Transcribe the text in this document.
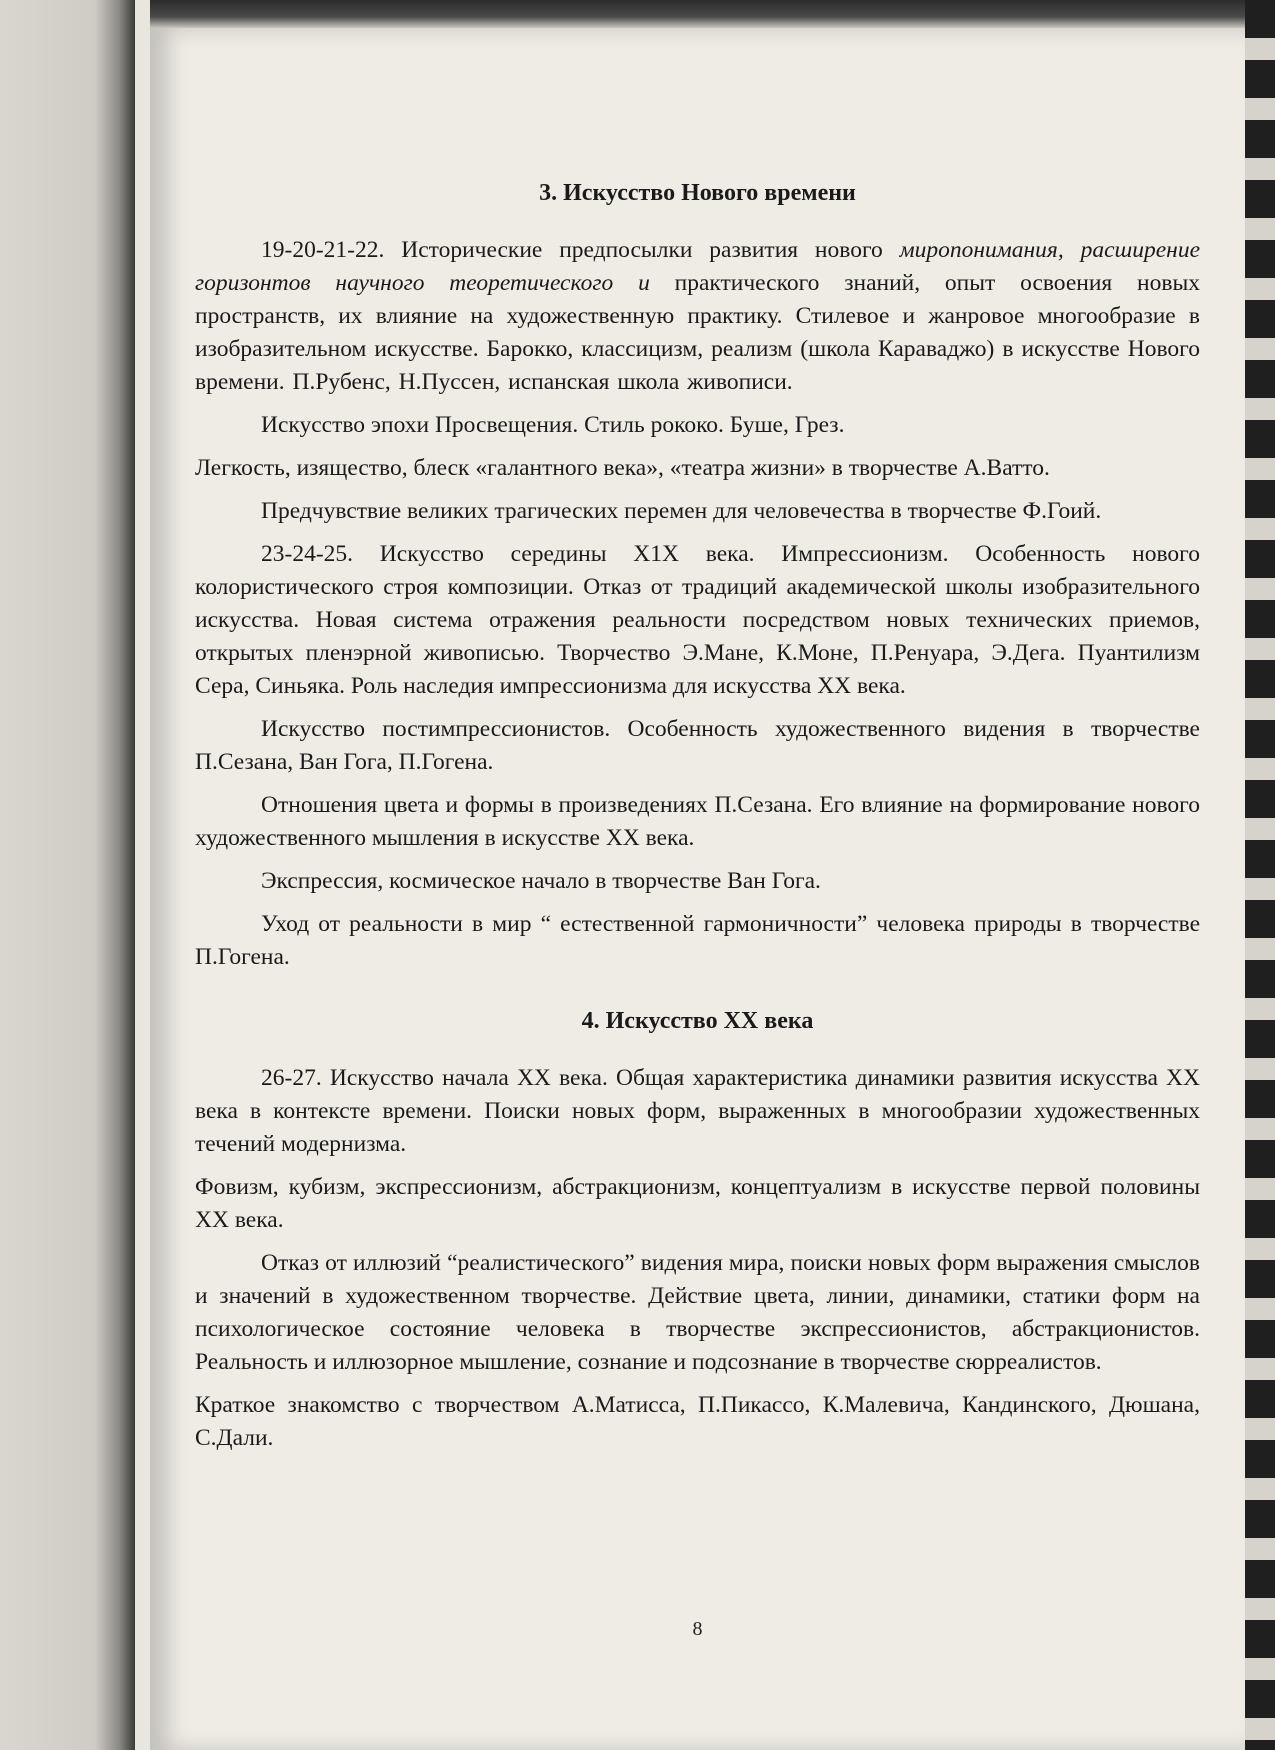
3. Искусство Нового времени

19-20-21-22. Исторические предпосылки развития нового миропонимания, расширение горизонтов научного теоретического и практического знаний, опыт освоения новых пространств, их влияние на художественную практику. Стилевое и жанровое многообразие в изобразительном искусстве. Барокко, классицизм, реализм (школа Караваджо) в искусстве Нового времени. П.Рубенс, Н.Пуссен, испанская школа живописи.

Искусство эпохи Просвещения. Стиль рококо. Буше, Грез.

Легкость, изящество, блеск «галантного века», «театра жизни» в творчестве А.Ватто.

Предчувствие великих трагических перемен для человечества в творчестве Ф.Гоий.

23-24-25. Искусство середины X1X века. Импрессионизм. Особенность нового колористического строя композиции. Отказ от традиций академической школы изобразительного искусства. Новая система отражения реальности посредством новых технических приемов, открытых пленэрной живописью. Творчество Э.Мане, К.Моне, П.Ренуара, Э.Дега. Пуантилизм Сера, Синьяка. Роль наследия импрессионизма для искусства ХХ века.

Искусство постимпрессионистов. Особенность художественного видения в творчестве П.Сезана, Ван Гога, П.Гогена.

Отношения цвета и формы в произведениях П.Сезана. Его влияние на формирование нового художественного мышления в искусстве ХХ века.

Экспрессия, космическое начало в творчестве Ван Гога.

Уход от реальности в мир “ естественной гармоничности” человека природы в творчестве П.Гогена.

4. Искусство ХХ века

26-27. Искусство начала ХХ века. Общая характеристика динамики развития искусства ХХ века в контексте времени. Поиски новых форм, выраженных в многообразии художественных течений модернизма.

Фовизм, кубизм, экспрессионизм, абстракционизм, концептуализм в искусстве первой половины ХХ века.

Отказ от иллюзий “реалистического” видения мира, поиски новых форм выражения смыслов и значений в художественном творчестве. Действие цвета, линии, динамики, статики форм на психологическое состояние человека в творчестве экспрессионистов, абстракционистов. Реальность и иллюзорное мышление, сознание и подсознание в творчестве сюрреалистов.

Краткое знакомство с творчеством А.Матисса, П.Пикассо, К.Малевича, Кандинского, Дюшана, С.Дали.

8
